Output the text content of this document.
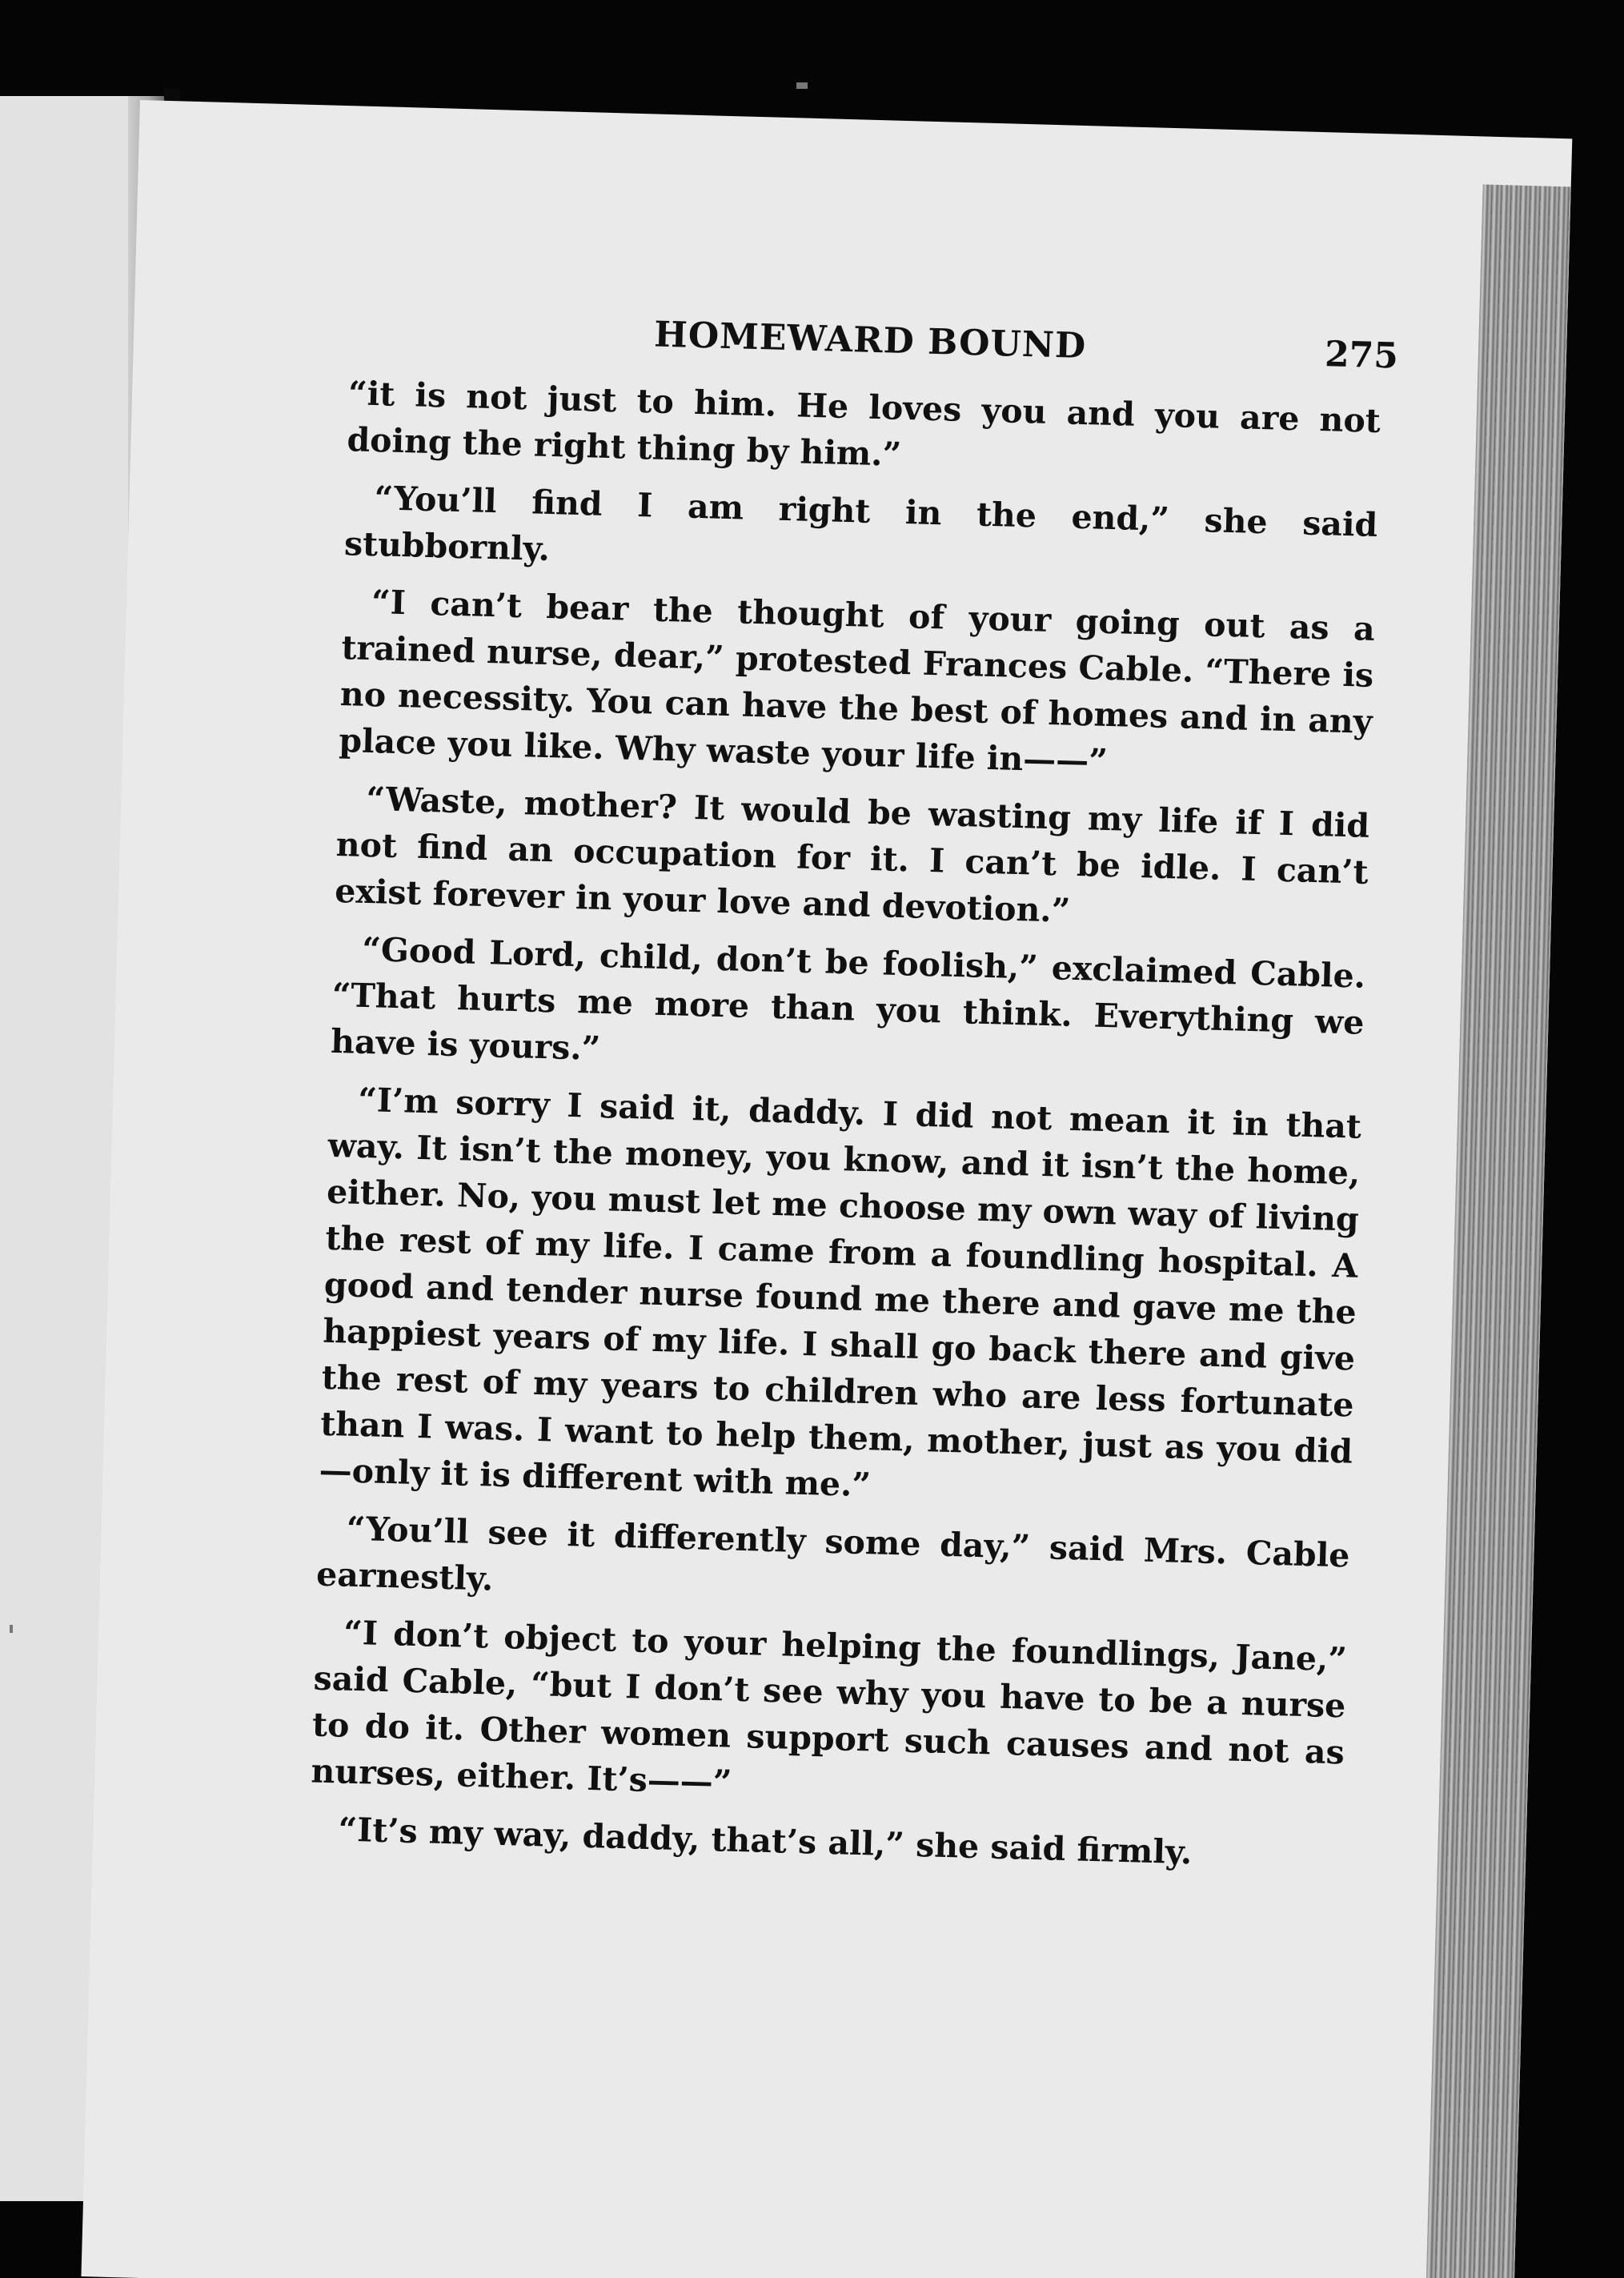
HOMEWARD BOUND	275

“it is not just to him. He loves you and you are not doing the right thing by him.”

“You’ll find I am right in the end,” she said stubbornly.

“I can’t bear the thought of your going out as a trained nurse, dear,” protested Frances Cable. “There is no necessity. You can have the best of homes and in any place you like. Why waste your life in——”

“Waste, mother? It would be wasting my life if I did not find an occupation for it. I can’t be idle. I can’t exist forever in your love and devotion.”

“Good Lord, child, don’t be foolish,” exclaimed Cable. “That hurts me more than you think. Everything we have is yours.”

“I’m sorry I said it, daddy. I did not mean it in that way. It isn’t the money, you know, and it isn’t the home, either. No, you must let me choose my own way of living the rest of my life. I came from a foundling hospital. A good and tender nurse found me there and gave me the happiest years of my life. I shall go back there and give the rest of my years to children who are less fortunate than I was. I want to help them, mother, just as you did—only it is different with me.”

“You’ll see it differently some day,” said Mrs. Cable earnestly.

“I don’t object to your helping the foundlings, Jane,” said Cable, “but I don’t see why you have to be a nurse to do it. Other women support such causes and not as nurses, either. It’s——”

“It’s my way, daddy, that’s all,” she said firmly.
